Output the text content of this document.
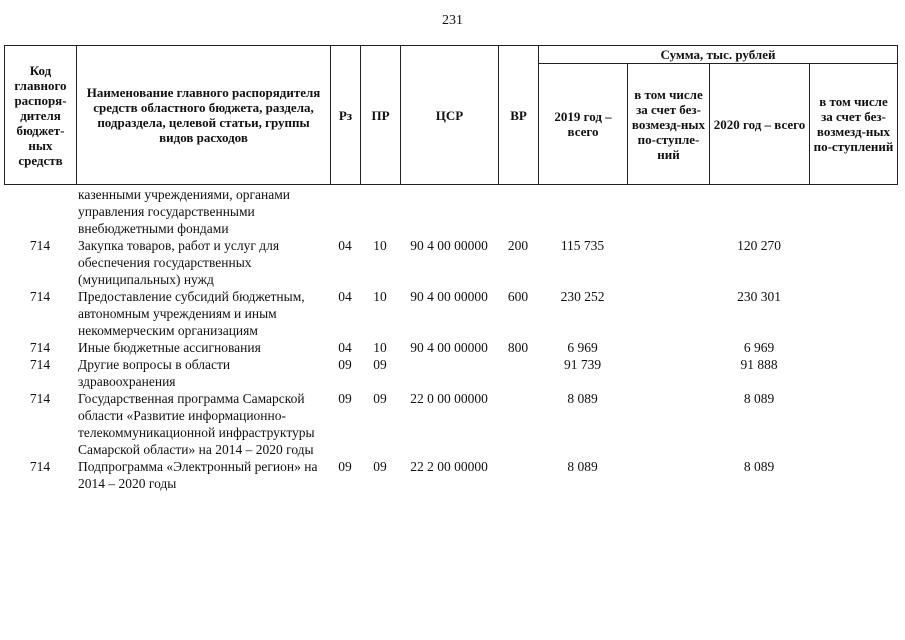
231
Код главного распоря-дителя бюджет-ных средств	Наименование главного распорядителя средств областного бюджета, раздела, подраздела, целевой статьи, группы видов расходов	Рз	ПР	ЦСР	ВР	Сумма, тыс. рублей			
						2019 год – всего	в том числе за счет без-возмезд-ных по-ступле-ний	2020 год – всего	в том числе за счет без-возмезд-ных по-ступлений
	казенными учреждениями, органами управления государственными внебюджетными фондами								
714	Закупка товаров, работ и услуг для обеспечения государственных (муниципальных) нужд	04	10	90 4 00 00000	200	115 735		120 270	
714	Предоставление субсидий бюджетным, автономным учреждениям и иным некоммерческим организациям	04	10	90 4 00 00000	600	230 252		230 301	
714	Иные бюджетные ассигнования	04	10	90 4 00 00000	800	6 969		6 969	
714	Другие вопросы в области здравоохранения	09	09			91 739		91 888	
714	Государственная программа Самарской области «Развитие информационно-телекоммуникационной инфраструктуры Самарской области» на 2014 – 2020 годы	09	09	22 0 00 00000		8 089		8 089	
714	Подпрограмма «Электронный регион» на 2014 – 2020 годы	09	09	22 2 00 00000		8 089		8 089	
